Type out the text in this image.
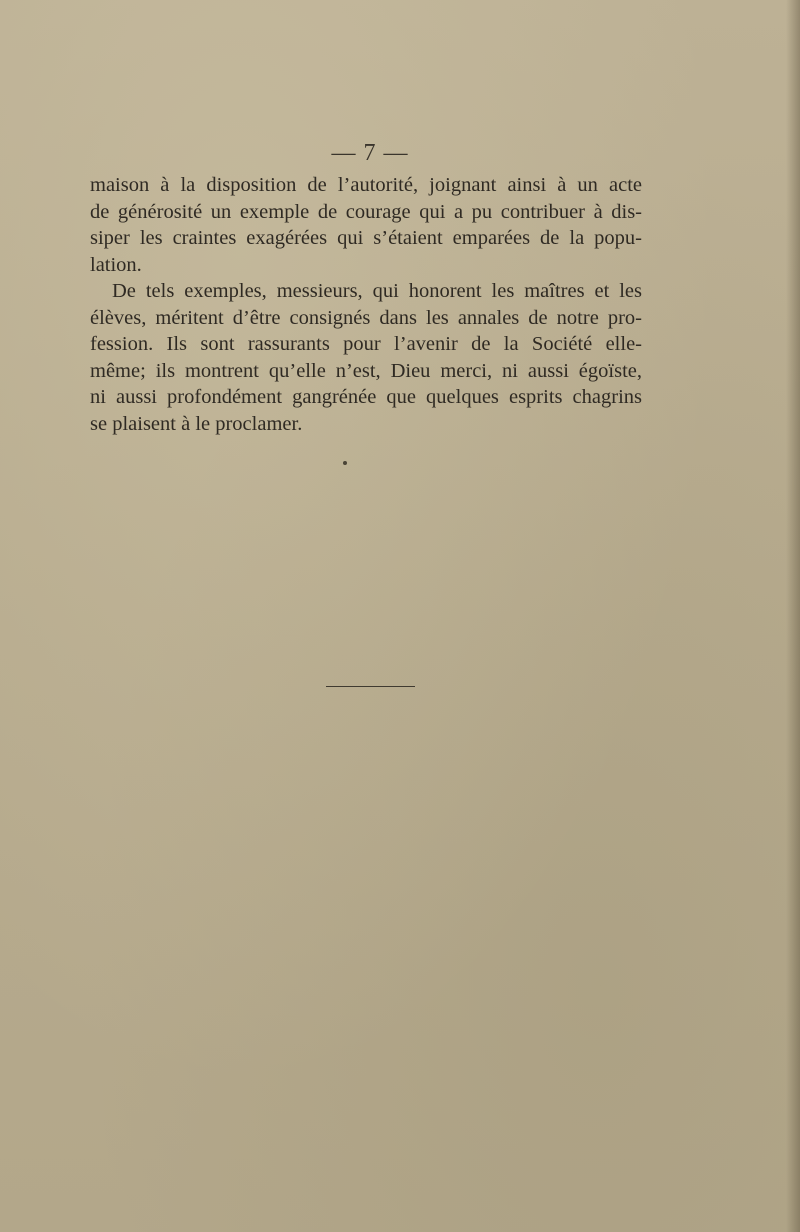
— 7 —
maison à la disposition de l’autorité, joignant ainsi à un acte
de générosité un exemple de courage qui a pu contribuer à dis-
siper les craintes exagérées qui s’étaient emparées de la popu-
lation.
De tels exemples, messieurs, qui honorent les maîtres et les
élèves, méritent d’être consignés dans les annales de notre pro-
fession. Ils sont rassurants pour l’avenir de la Société elle-
même; ils montrent qu’elle n’est, Dieu merci, ni aussi égoïste,
ni aussi profondément gangrénée que quelques esprits chagrins
se plaisent à le proclamer.
